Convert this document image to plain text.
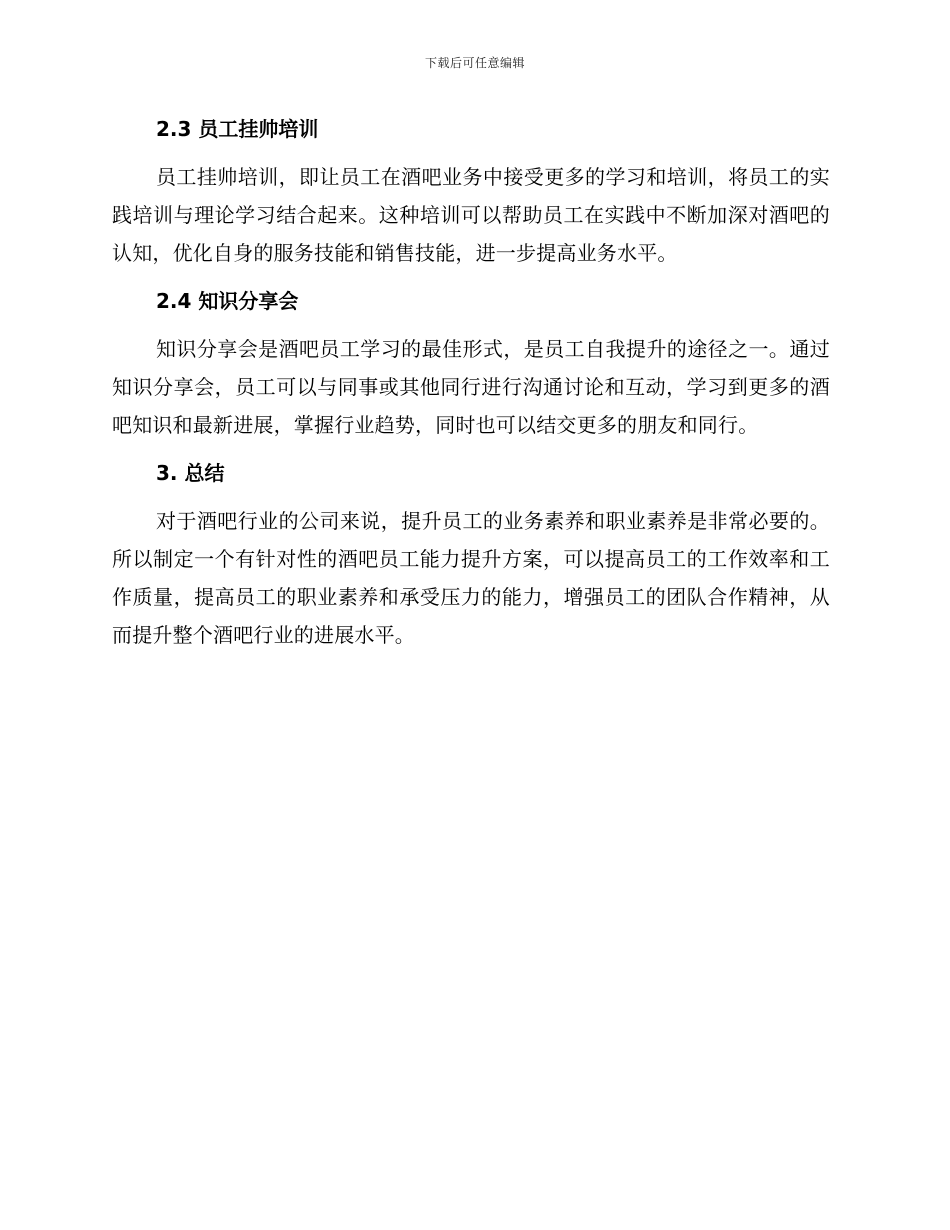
下载后可任意编辑
2.3 员工挂帅培训

员工挂帅培训，即让员工在酒吧业务中接受更多的学习和培训，将员工的实践培训与理论学习结合起来。这种培训可以帮助员工在实践中不断加深对酒吧的认知，优化自身的服务技能和销售技能，进一步提高业务水平。

2.4 知识分享会

知识分享会是酒吧员工学习的最佳形式，是员工自我提升的途径之一。通过知识分享会，员工可以与同事或其他同行进行沟通讨论和互动，学习到更多的酒吧知识和最新进展，掌握行业趋势，同时也可以结交更多的朋友和同行。

3. 总结

对于酒吧行业的公司来说，提升员工的业务素养和职业素养是非常必要的。所以制定一个有针对性的酒吧员工能力提升方案，可以提高员工的工作效率和工作质量，提高员工的职业素养和承受压力的能力，增强员工的团队合作精神，从而提升整个酒吧行业的进展水平。
